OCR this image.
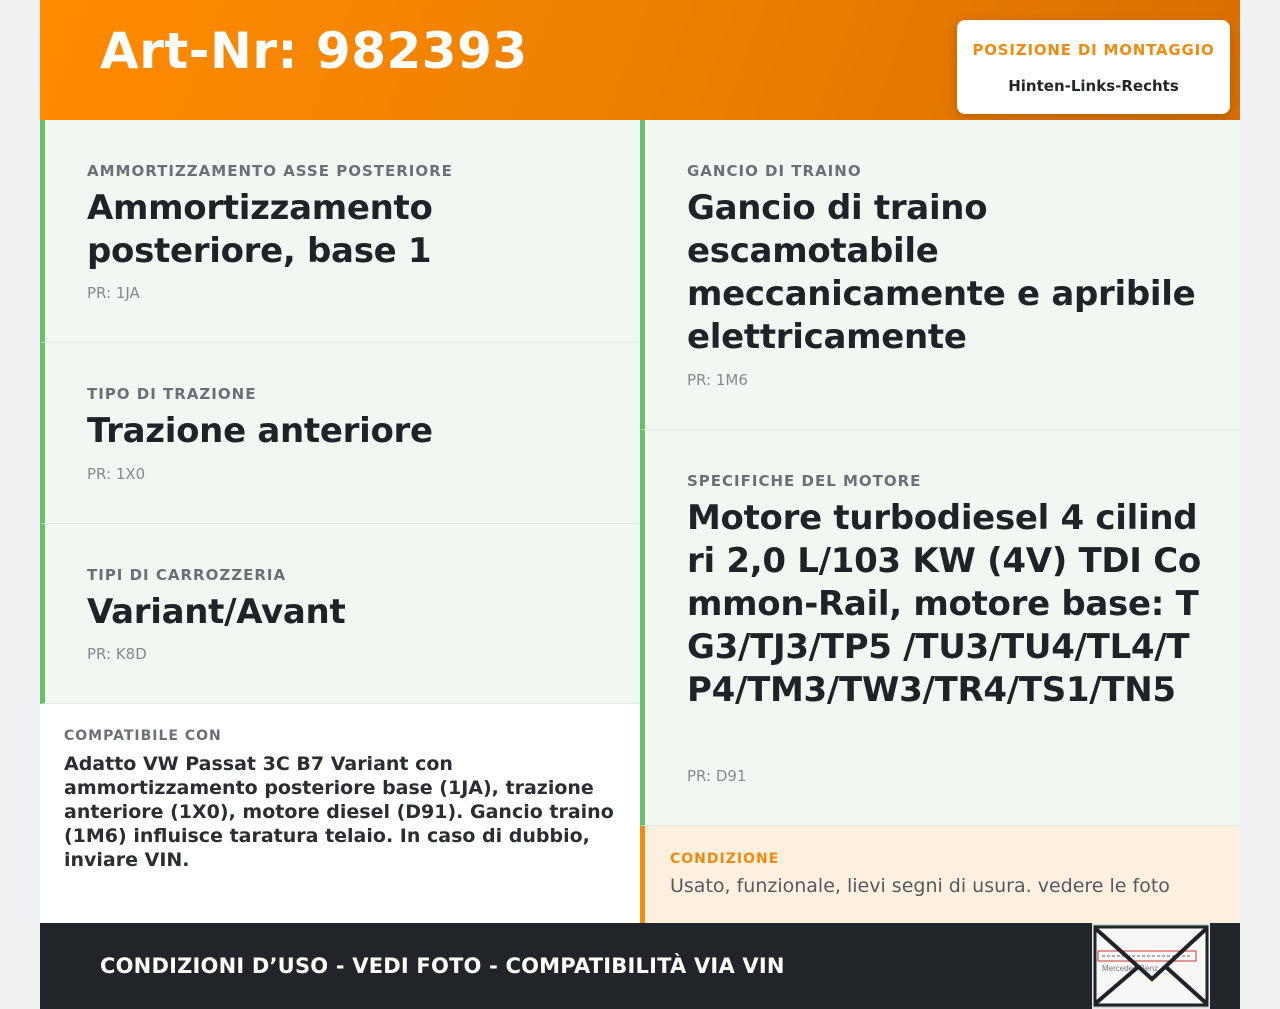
Art-Nr: 982393	POSIZIONE DI MONTAGGIO
Hinten-Links-Rechts
AMMORTIZZAMENTO ASSE POSTERIORE
Ammortizzamento posteriore, base 1
PR: 1JA
TIPO DI TRAZIONE
Trazione anteriore
PR: 1X0
TIPI DI CARROZZERIA
Variant/Avant
PR: K8D
GANCIO DI TRAINO
Gancio di traino escamotabile meccanicamente e apribile elettricamente
PR: 1M6
SPECIFICHE DEL MOTORE
Motore turbodiesel 4 cilindri 2,0 L/103 KW (4V) TDI Common-Rail, motore base: TG3/TJ3/TP5 /TU3/TU4/TL4/TP4/TM3/TW3/TR4/TS1/TN5
PR: D91
COMPATIBILE CON
Adatto VW Passat 3C B7 Variant con ammortizzamento posteriore base (1JA), trazione anteriore (1X0), motore diesel (D91). Gancio traino (1M6) influisce taratura telaio. In caso di dubbio, inviare VIN.	CONDIZIONE
Usato, funzionale, lievi segni di usura. vedere le foto
CONDIZIONI D’USO - VEDI FOTO - COMPATIBILITÀ VIA VIN	Mercedes-Benz
